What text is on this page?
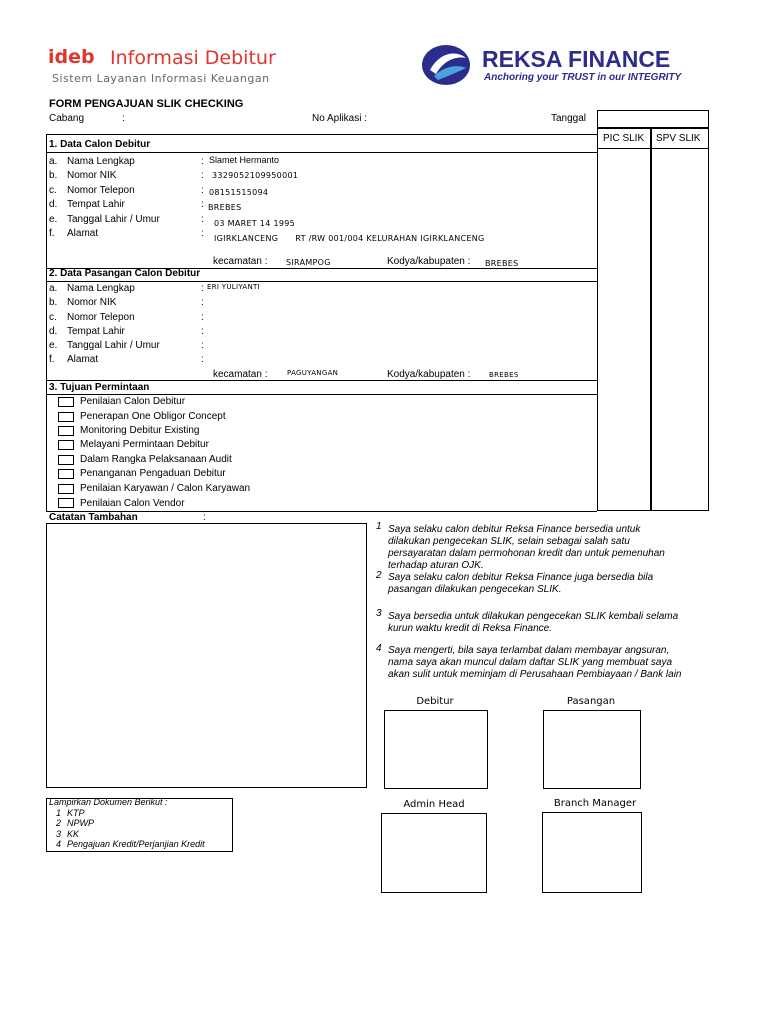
ideb Informasi Debitur
Sistem Layanan Informasi Keuangan
REKSA FINANCE
Anchoring your TRUST in our INTEGRITY
FORM PENGAJUAN SLIK CHECKING
Cabang	:	No Aplikasi :	Tanggal
PIC SLIK SPV SLIK
1. Data Calon Debitur
a. Nama Lengkap	: Slamet Hermanto
b. Nomor NIK	: 3329052109950001
c. Nomor Telepon	: 08151515094
d. Tempat Lahir	: BREBES
e. Tanggal Lahir / Umur	: 03 MARET 14 1995
f. Alamat	: IGIRKLANCENG      RT /RW 001/004 KELURAHAN IGIRKLANCENG
kecamatan : SIRAMPOG	Kodya/kabupaten : BREBES
2. Data Pasangan Calon Debitur
a. Nama Lengkap	: ERI YULIYANTI
b. Nomor NIK	:
c. Nomor Telepon	:
d. Tempat Lahir	:
e. Tanggal Lahir / Umur	:
f. Alamat	:
kecamatan :	PAGUYANGAN	Kodya/kabupaten :	BREBES
3. Tujuan Permintaan
Penilaian Calon Debitur
Penerapan One Obligor Concept
Monitoring Debitur Existing
Melayani Permintaan Debitur
Dalam Rangka Pelaksanaan Audit
Penanganan Pengaduan Debitur
Penilaian Karyawan / Calon Karyawan
Penilaian Calon Vendor
Catatan Tambahan	:
1 Saya selaku calon debitur Reksa Finance bersedia untuk
dilakukan pengecekan SLIK, selain sebagai salah satu
persayaratan dalam permohonan kredit dan untuk pemenuhan
terhadap aturan OJK.
2 Saya selaku calon debitur Reksa Finance juga bersedia bila
pasangan dilakukan pengecekan SLIK.
3 Saya bersedia untuk dilakukan pengecekan SLIK kembali selama
kurun waktu kredit di Reksa Finance.
4 Saya mengerti, bila saya terlambat dalam membayar angsuran,
nama saya akan muncul dalam daftar SLIK yang membuat saya
akan sulit untuk meminjam di Perusahaan Pembiayaan / Bank lain
Debitur	Pasangan
Admin Head	Branch Manager
Lampirkan Dokumen Berikut :
1 KTP
2 NPWP
3 KK
4 Pengajuan Kredit/Perjanjian Kredit
